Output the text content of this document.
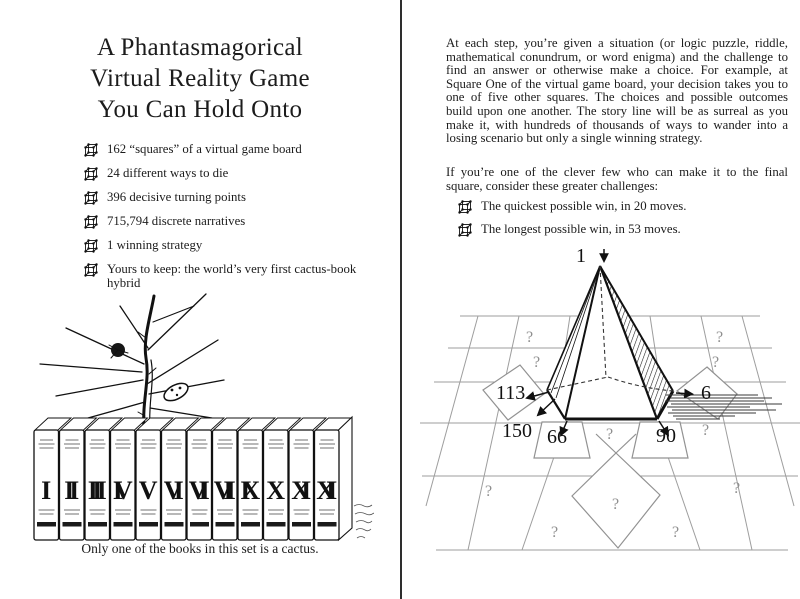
A Phantasmagorical
Virtual Reality Game
You Can Hold Onto
162 “squares” of a virtual game board
24 different ways to die
396 decisive turning points
715,794 discrete narratives
1 winning strategy
Yours to keep: the world’s very first cactus-book hybrid
I II III IV V VI VII VIII IX X XI XII
Only one of the books in this set is a cactus.

At each step, you’re given a situation (or logic puzzle, riddle, mathematical conundrum, or word enigma) and the challenge to find an answer or otherwise make a choice. For example, at Square One of the virtual game board, your decision takes you to one of five other squares. The choices and possible outcomes build upon one another. The story line will be as surreal as you make it, with hundreds of thousands of ways to wander into a losing scenario but only a single winning strategy.

If you’re one of the clever few who can make it to the final square, consider these greater challenges:

The quickest possible win, in 20 moves.
The longest possible win, in 53 moves.
1
113
150 66	90
6
?
?
?
?
?	?
?	?
?	?
?
